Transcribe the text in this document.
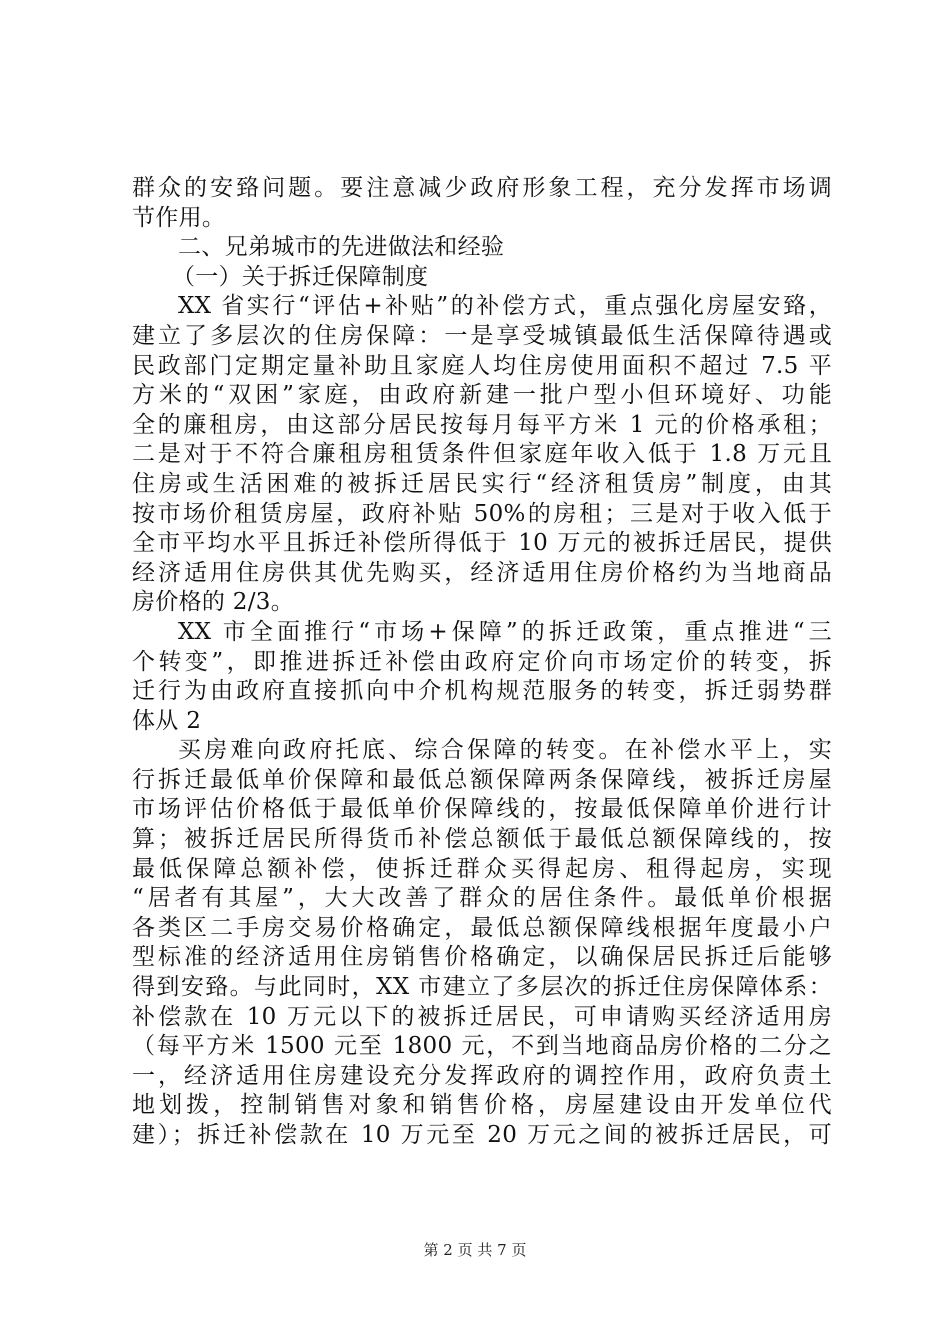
群众的安臵问题。要注意减少政府形象工程，充分发挥市场调
节作用。
二、兄弟城市的先进做法和经验
（一）关于拆迁保障制度
XX 省实行“评估+补贴”的补偿方式，重点强化房屋安臵，
建立了多层次的住房保障：一是享受城镇最低生活保障待遇或
民政部门定期定量补助且家庭人均住房使用面积不超过 7.5 平
方米的“双困”家庭，由政府新建一批户型小但环境好、功能
全的廉租房，由这部分居民按每月每平方米 1 元的价格承租；
二是对于不符合廉租房租赁条件但家庭年收入低于 1.8 万元且
住房或生活困难的被拆迁居民实行“经济租赁房”制度，由其
按市场价租赁房屋，政府补贴 50%的房租；三是对于收入低于
全市平均水平且拆迁补偿所得低于 10 万元的被拆迁居民，提供
经济适用住房供其优先购买，经济适用住房价格约为当地商品
房价格的 2/3。
XX 市全面推行“市场+保障”的拆迁政策，重点推进“三
个转变”，即推进拆迁补偿由政府定价向市场定价的转变，拆
迁行为由政府直接抓向中介机构规范服务的转变，拆迁弱势群
体从 2
买房难向政府托底、综合保障的转变。在补偿水平上，实
行拆迁最低单价保障和最低总额保障两条保障线，被拆迁房屋
市场评估价格低于最低单价保障线的，按最低保障单价进行计
算；被拆迁居民所得货币补偿总额低于最低总额保障线的，按
最低保障总额补偿，使拆迁群众买得起房、租得起房，实现
“居者有其屋”，大大改善了群众的居住条件。最低单价根据
各类区二手房交易价格确定，最低总额保障线根据年度最小户
型标准的经济适用住房销售价格确定，以确保居民拆迁后能够
得到安臵。与此同时，XX 市建立了多层次的拆迁住房保障体系：
补偿款在 10 万元以下的被拆迁居民，可申请购买经济适用房
（每平方米 1500 元至 1800 元，不到当地商品房价格的二分之
一，经济适用住房建设充分发挥政府的调控作用，政府负责土
地划拨，控制销售对象和销售价格，房屋建设由开发单位代
建）；拆迁补偿款在 10 万元至 20 万元之间的被拆迁居民，可
第 2 页 共 7 页
